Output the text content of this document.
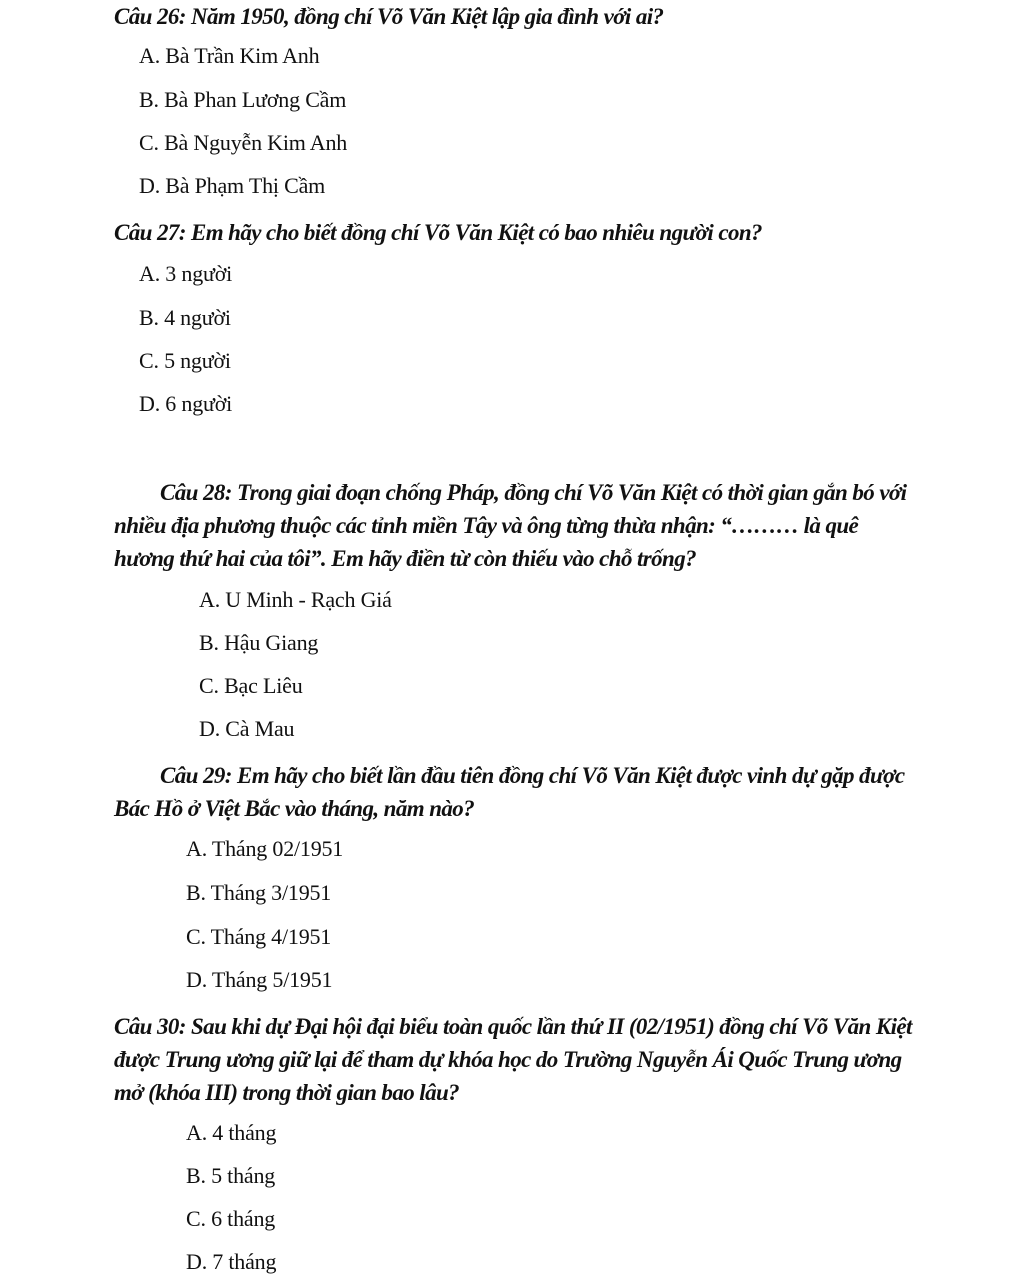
Câu 26: Năm 1950, đồng chí Võ Văn Kiệt lập gia đình với ai?

A. Bà Trần Kim Anh

B. Bà Phan Lương Cầm

C. Bà Nguyễn Kim Anh

D. Bà Phạm Thị Cầm

Câu 27: Em hãy cho biết đồng chí Võ Văn Kiệt có bao nhiêu người con?

A. 3 người

B. 4 người

C. 5 người

D. 6 người

Câu 28: Trong giai đoạn chống Pháp, đồng chí Võ Văn Kiệt có thời gian gắn bó với nhiều địa phương thuộc các tỉnh miền Tây và ông từng thừa nhận: “……… là quê hương thứ hai của tôi”. Em hãy điền từ còn thiếu vào chỗ trống?

A. U Minh - Rạch Giá

B. Hậu Giang

C. Bạc Liêu

D. Cà Mau

Câu 29: Em hãy cho biết lần đầu tiên đồng chí Võ Văn Kiệt được vinh dự gặp được Bác Hồ ở Việt Bắc vào tháng, năm nào?

A. Tháng 02/1951

B. Tháng 3/1951

C. Tháng 4/1951

D. Tháng 5/1951

Câu 30: Sau khi dự Đại hội đại biểu toàn quốc lần thứ II (02/1951) đồng chí Võ Văn Kiệt được Trung ương giữ lại để tham dự khóa học do Trường Nguyễn Ái Quốc Trung ương mở (khóa III) trong thời gian bao lâu?

A. 4 tháng

B. 5 tháng

C. 6 tháng

D. 7 tháng
